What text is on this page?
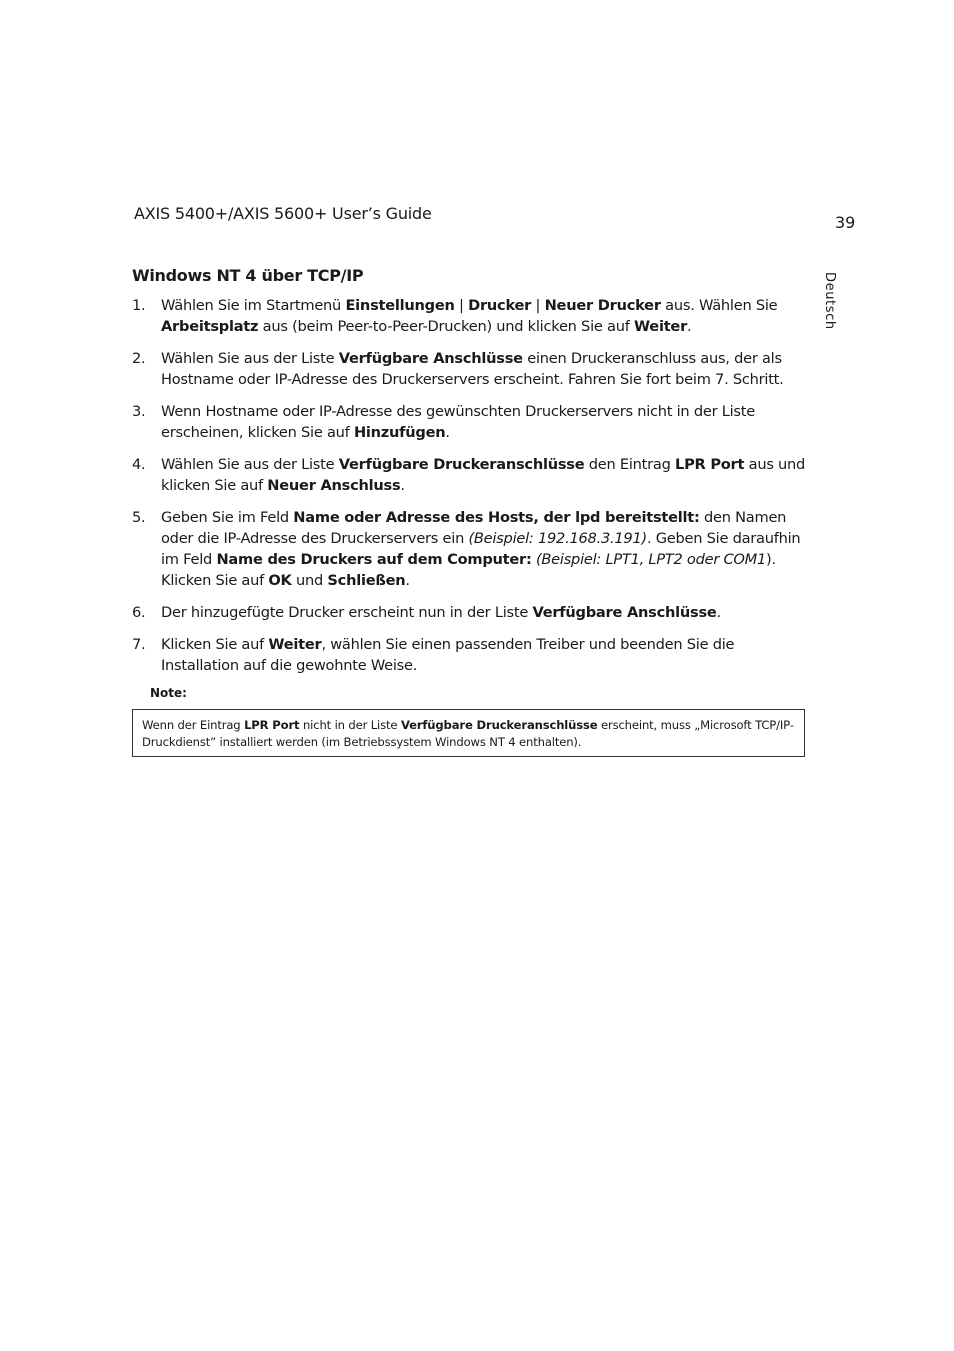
AXIS 5400+/AXIS 5600+ User’s Guide	39
Deutsch
Windows NT 4 über TCP/IP
1. Wählen Sie im Startmenü Einstellungen | Drucker | Neuer Drucker aus. Wählen Sie Arbeitsplatz aus (beim Peer-to-Peer-Drucken) und klicken Sie auf Weiter.
2. Wählen Sie aus der Liste Verfügbare Anschlüsse einen Druckeranschluss aus, der als Hostname oder IP-Adresse des Druckerservers erscheint. Fahren Sie fort beim 7. Schritt.
3. Wenn Hostname oder IP-Adresse des gewünschten Druckerservers nicht in der Liste erscheinen, klicken Sie auf Hinzufügen.
4. Wählen Sie aus der Liste Verfügbare Druckeranschlüsse den Eintrag LPR Port aus und klicken Sie auf Neuer Anschluss.
5. Geben Sie im Feld Name oder Adresse des Hosts, der lpd bereitstellt: den Namen oder die IP-Adresse des Druckerservers ein (Beispiel: 192.168.3.191). Geben Sie daraufhin im Feld Name des Druckers auf dem Computer: (Beispiel: LPT1, LPT2 oder COM1). Klicken Sie auf OK und Schließen.
6. Der hinzugefügte Drucker erscheint nun in der Liste Verfügbare Anschlüsse.
7. Klicken Sie auf Weiter, wählen Sie einen passenden Treiber und beenden Sie die Installation auf die gewohnte Weise.
Note:
Wenn der Eintrag LPR Port nicht in der Liste Verfügbare Druckeranschlüsse erscheint, muss „Microsoft TCP/IP-Druckdienst” installiert werden (im Betriebssystem Windows NT 4 enthalten).
